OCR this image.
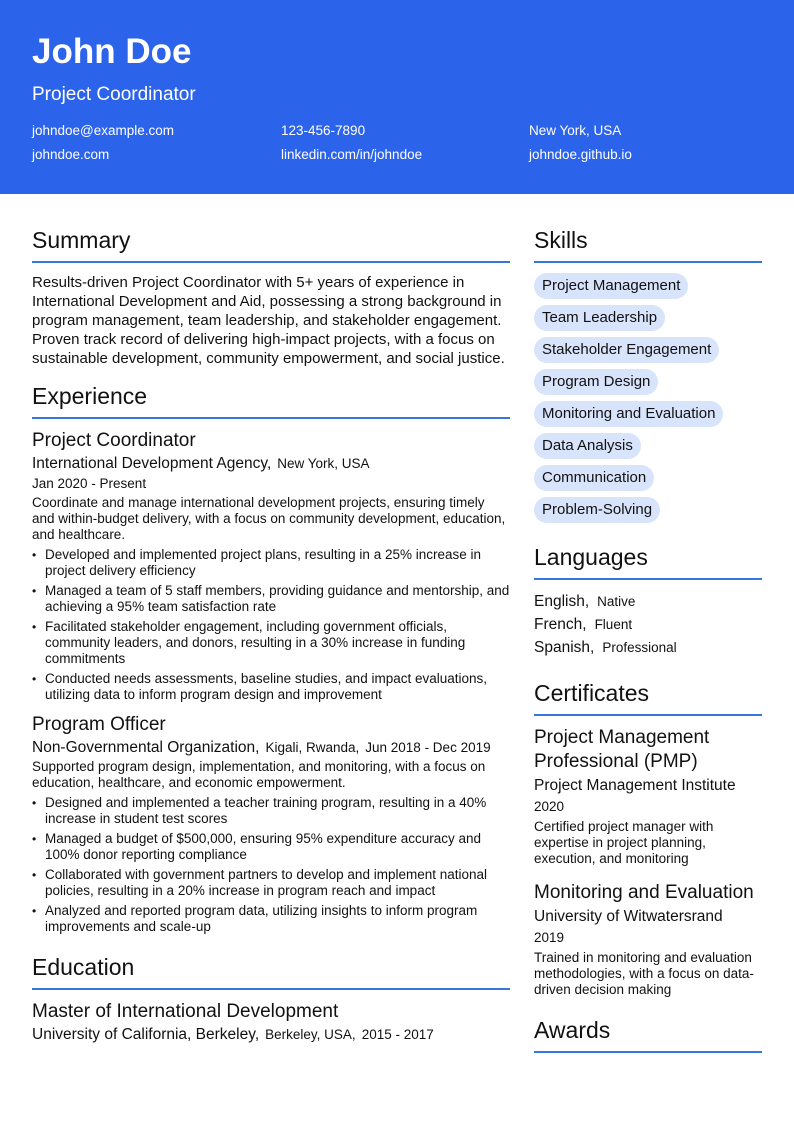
John Doe
Project Coordinator
johndoe@example.com	123-456-7890	New York, USA
johndoe.com	linkedin.com/in/johndoe	johndoe.github.io
Summary
Results-driven Project Coordinator with 5+ years of experience in International Development and Aid, possessing a strong background in program management, team leadership, and stakeholder engagement. Proven track record of delivering high-impact projects, with a focus on sustainable development, community empowerment, and social justice.
Experience
Project Coordinator
International Development Agency, New York, USA
Jan 2020 - Present
Coordinate and manage international development projects, ensuring timely and within-budget delivery, with a focus on community development, education, and healthcare.
• Developed and implemented project plans, resulting in a 25% increase in project delivery efficiency
• Managed a team of 5 staff members, providing guidance and mentorship, and achieving a 95% team satisfaction rate
• Facilitated stakeholder engagement, including government officials, community leaders, and donors, resulting in a 30% increase in funding commitments
• Conducted needs assessments, baseline studies, and impact evaluations, utilizing data to inform program design and improvement
Program Officer
Non-Governmental Organization, Kigali, Rwanda, Jun 2018 - Dec 2019
Supported program design, implementation, and monitoring, with a focus on education, healthcare, and economic empowerment.
• Designed and implemented a teacher training program, resulting in a 40% increase in student test scores
• Managed a budget of $500,000, ensuring 95% expenditure accuracy and 100% donor reporting compliance
• Collaborated with government partners to develop and implement national policies, resulting in a 20% increase in program reach and impact
• Analyzed and reported program data, utilizing insights to inform program improvements and scale-up
Education
Master of International Development
University of California, Berkeley, Berkeley, USA, 2015 - 2017
Skills
Project Management
Team Leadership
Stakeholder Engagement
Program Design
Monitoring and Evaluation
Data Analysis
Communication
Problem-Solving
Languages
English, Native
French, Fluent
Spanish, Professional
Certificates
Project Management Professional (PMP)
Project Management Institute
2020
Certified project manager with expertise in project planning, execution, and monitoring
Monitoring and Evaluation
University of Witwatersrand
2019
Trained in monitoring and evaluation methodologies, with a focus on data-driven decision making
Awards
